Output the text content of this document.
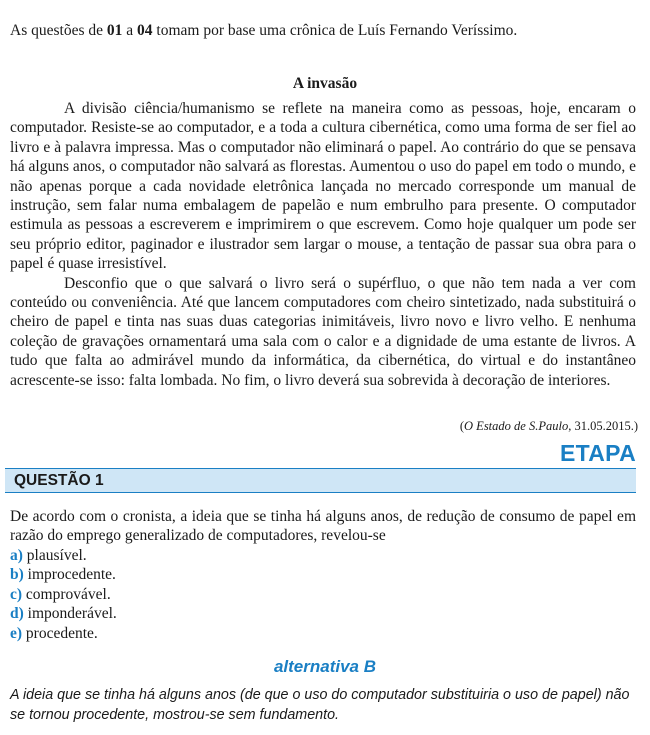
As questões de 01 a 04 tomam por base uma crônica de Luís Fernando Veríssimo.
A invasão

A divisão ciência/humanismo se reflete na maneira como as pessoas, hoje, encaram o computador. Resiste-se ao computador, e a toda a cultura cibernética, como uma forma de ser fiel ao livro e à palavra impressa. Mas o computador não eliminará o papel. Ao contrário do que se pensava há alguns anos, o computador não salvará as florestas. Aumentou o uso do papel em todo o mundo, e não apenas porque a cada novidade eletrônica lançada no mercado corresponde um manual de instrução, sem falar numa embalagem de papelão e num embrulho para presente. O computador estimula as pessoas a escreverem e imprimirem o que escrevem. Como hoje qualquer um pode ser seu próprio editor, paginador e ilustrador sem largar o mouse, a tentação de passar sua obra para o papel é quase irresistível.

Desconfio que o que salvará o livro será o supérfluo, o que não tem nada a ver com conteúdo ou conveniência. Até que lancem computadores com cheiro sintetizado, nada substituirá o cheiro de papel e tinta nas suas duas categorias inimitáveis, livro novo e livro velho. E nenhuma coleção de gravações ornamentará uma sala com o calor e a dignidade de uma estante de livros. A tudo que falta ao admirável mundo da informática, da cibernética, do virtual e do instantâneo acrescente-se isso: falta lombada. No fim, o livro deverá sua sobrevida à decoração de interiores.

(O Estado de S.Paulo, 31.05.2015.)
ETAPA
QUESTÃO 1
De acordo com o cronista, a ideia que se tinha há alguns anos, de redução de consumo de papel em razão do emprego generalizado de computadores, revelou-se
a) plausível.
b) improcedente.
c) comprovável.
d) imponderável.
e) procedente.
alternativa B
A ideia que se tinha há alguns anos (de que o uso do computador substituiria o uso de papel) não se tornou procedente, mostrou-se sem fundamento.
